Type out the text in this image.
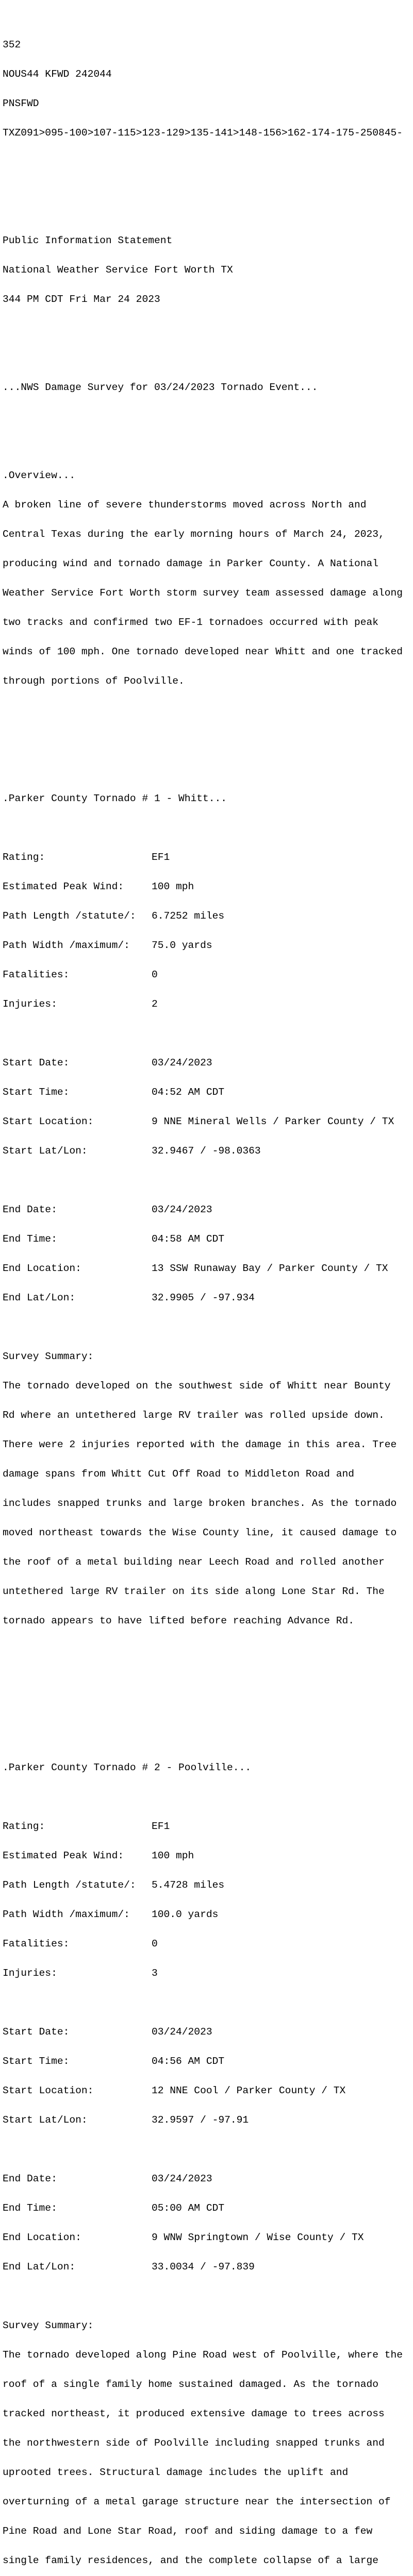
352

NOUS44 KFWD 242044

PNSFWD

TXZ091>095-100>107-115>123-129>135-141>148-156>162-174-175-250845-

Public Information Statement

National Weather Service Fort Worth TX

344 PM CDT Fri Mar 24 2023

...NWS Damage Survey for 03/24/2023 Tornado Event...

.Overview...

A broken line of severe thunderstorms moved across North and

Central Texas during the early morning hours of March 24, 2023,

producing wind and tornado damage in Parker County. A National

Weather Service Fort Worth storm survey team assessed damage along

two tracks and confirmed two EF-1 tornadoes occurred with peak

winds of 100 mph. One tornado developed near Whitt and one tracked

through portions of Poolville.

.Parker County Tornado # 1 - Whitt...

Rating:	EF1

Estimated Peak Wind:	100 mph

Path Length /statute/:	6.7252 miles

Path Width /maximum/:	75.0 yards

Fatalities:	0

Injuries:	2

Start Date:	03/24/2023

Start Time:	04:52 AM CDT

Start Location:	9 NNE Mineral Wells / Parker County / TX

Start Lat/Lon:	32.9467 / -98.0363

End Date:	03/24/2023

End Time:	04:58 AM CDT

End Location:	13 SSW Runaway Bay / Parker County / TX

End Lat/Lon:	32.9905 / -97.934

Survey Summary:

The tornado developed on the southwest side of Whitt near Bounty

Rd where an untethered large RV trailer was rolled upside down.

There were 2 injuries reported with the damage in this area. Tree

damage spans from Whitt Cut Off Road to Middleton Road and

includes snapped trunks and large broken branches. As the tornado

moved northeast towards the Wise County line, it caused damage to

the roof of a metal building near Leech Road and rolled another

untethered large RV trailer on its side along Lone Star Rd. The

tornado appears to have lifted before reaching Advance Rd.

.Parker County Tornado # 2 - Poolville...

Rating:	EF1

Estimated Peak Wind:	100 mph

Path Length /statute/:	5.4728 miles

Path Width /maximum/:	100.0 yards

Fatalities:	0

Injuries:	3

Start Date:	03/24/2023

Start Time:	04:56 AM CDT

Start Location:	12 NNE Cool / Parker County / TX

Start Lat/Lon:	32.9597 / -97.91

End Date:	03/24/2023

End Time:	05:00 AM CDT

End Location:	9 WNW Springtown / Wise County / TX

End Lat/Lon:	33.0034 / -97.839

Survey Summary:

The tornado developed along Pine Road west of Poolville, where the

roof of a single family home sustained damaged. As the tornado

tracked northeast, it produced extensive damage to trees across

the northwestern side of Poolville including snapped trunks and

uprooted trees. Structural damage includes the uplift and

overturning of a metal garage structure near the intersection of

Pine Road and Lone Star Road, roof and siding damage to a few

single family residences, and the complete collapse of a large
